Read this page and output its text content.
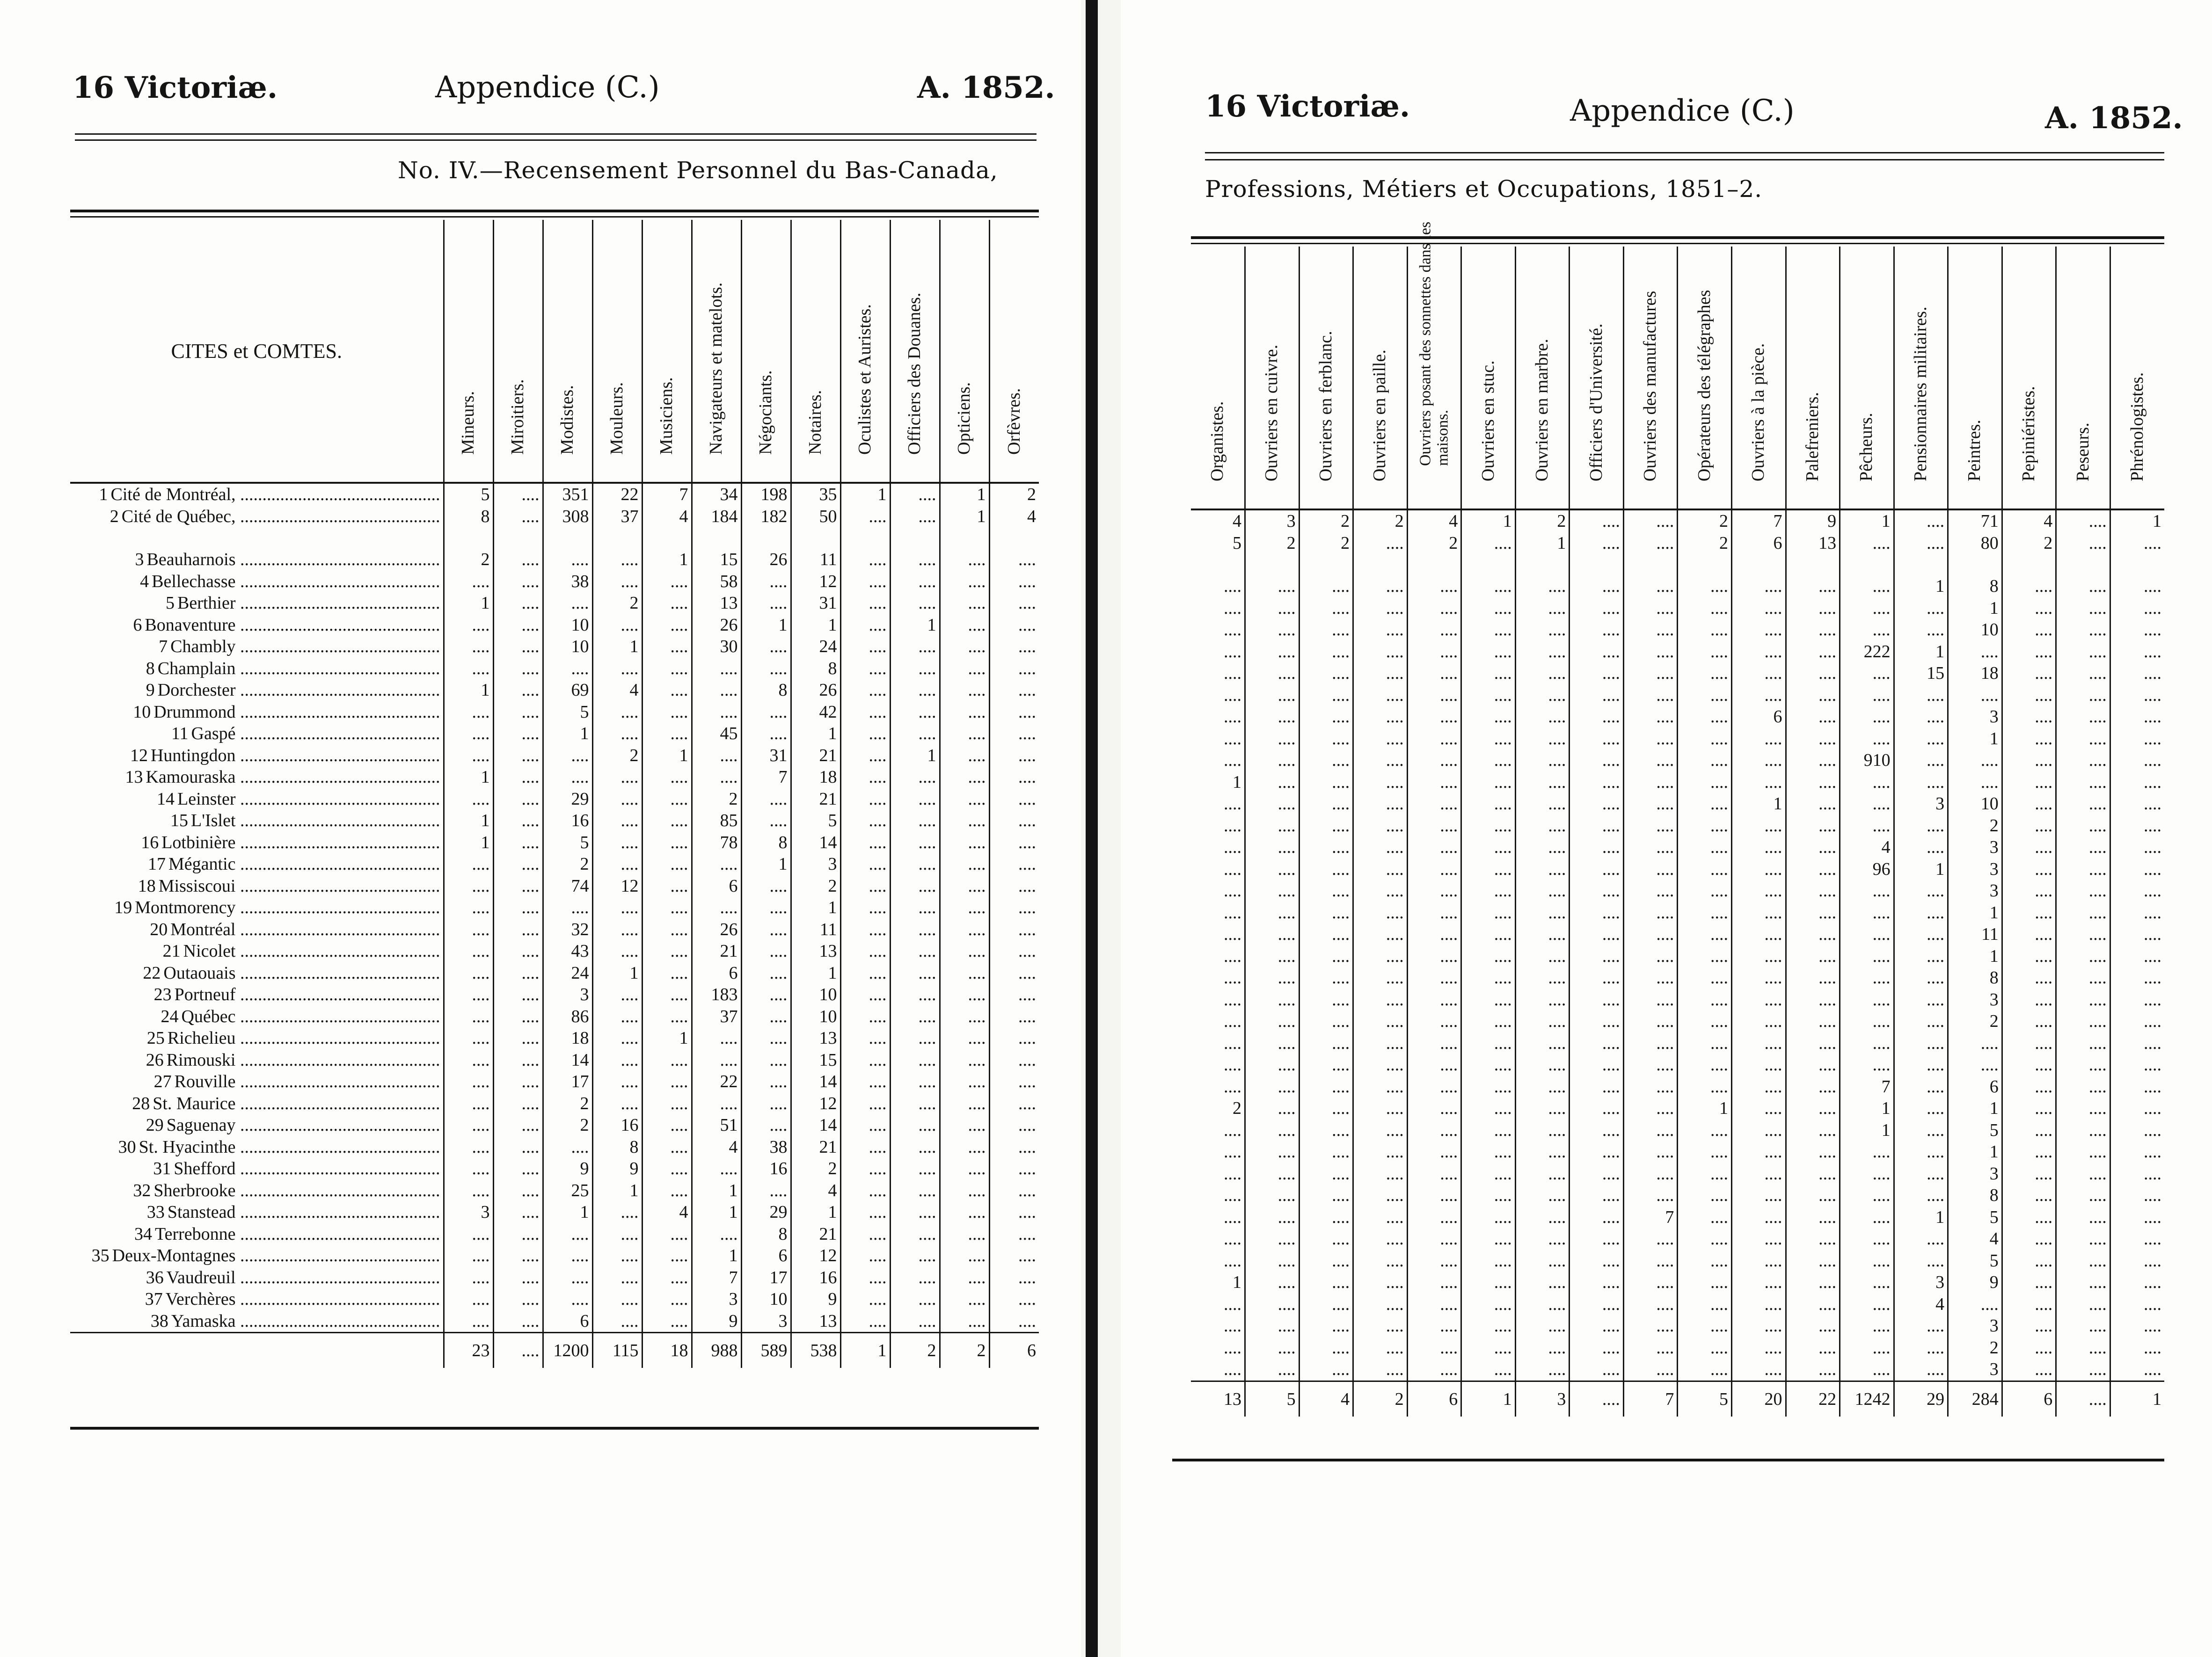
16 Victoriæ.	Appendice (C.)	A. 1852.
No. IV.—Recensement Personnel du Bas-Canada,
CITES et COMTES.	Mineurs.	Miroitiers.	Modistes.	Mouleurs.	Musiciens.	Navigateurs et matelots.	Négociants.	Notaires.	Oculistes et Auristes.	Officiers des Douanes.	Opticiens.	Orfèvres.

1 Cité de Montréal, .............................................	5	....	351	22	7	34	198	35	1	....	1	2
2 Cité de Québec, .............................................	8	....	308	37	4	184	182	50	....	....	1	4

3 Beauharnois .............................................	2	....	....	....	1	15	26	11	....	....	....	....
4 Bellechasse .............................................	....	....	38	....	....	58	....	12	....	....	....	....
5 Berthier .............................................	1	....	....	2	....	13	....	31	....	....	....	....
6 Bonaventure .............................................	....	....	10	....	....	26	1	1	....	1	....	....
7 Chambly .............................................	....	....	10	1	....	30	....	24	....	....	....	....
8 Champlain .............................................	....	....	....	....	....	....	....	8	....	....	....	....
9 Dorchester .............................................	1	....	69	4	....	....	8	26	....	....	....	....
10 Drummond .............................................	....	....	5	....	....	....	....	42	....	....	....	....
11 Gaspé .............................................	....	....	1	....	....	45	....	1	....	....	....	....
12 Huntingdon .............................................	....	....	....	2	1	....	31	21	....	1	....	....
13 Kamouraska .............................................	1	....	....	....	....	....	7	18	....	....	....	....
14 Leinster .............................................	....	....	29	....	....	2	....	21	....	....	....	....
15 L'Islet .............................................	1	....	16	....	....	85	....	5	....	....	....	....
16 Lotbinière .............................................	1	....	5	....	....	78	8	14	....	....	....	....
17 Mégantic .............................................	....	....	2	....	....	....	1	3	....	....	....	....
18 Missiscoui .............................................	....	....	74	12	....	6	....	2	....	....	....	....
19 Montmorency .............................................	....	....	....	....	....	....	....	1	....	....	....	....
20 Montréal .............................................	....	....	32	....	....	26	....	11	....	....	....	....
21 Nicolet .............................................	....	....	43	....	....	21	....	13	....	....	....	....
22 Outaouais .............................................	....	....	24	1	....	6	....	1	....	....	....	....
23 Portneuf .............................................	....	....	3	....	....	183	....	10	....	....	....	....
24 Québec .............................................	....	....	86	....	....	37	....	10	....	....	....	....
25 Richelieu .............................................	....	....	18	....	1	....	....	13	....	....	....	....
26 Rimouski .............................................	....	....	14	....	....	....	....	15	....	....	....	....
27 Rouville .............................................	....	....	17	....	....	22	....	14	....	....	....	....
28 St. Maurice .............................................	....	....	2	....	....	....	....	12	....	....	....	....
29 Saguenay .............................................	....	....	2	16	....	51	....	14	....	....	....	....
30 St. Hyacinthe .............................................	....	....	....	8	....	4	38	21	....	....	....	....
31 Shefford .............................................	....	....	9	9	....	....	16	2	....	....	....	....
32 Sherbrooke .............................................	....	....	25	1	....	1	....	4	....	....	....	....
33 Stanstead .............................................	3	....	1	....	4	1	29	1	....	....	....	....
34 Terrebonne .............................................	....	....	....	....	....	....	8	21	....	....	....	....
35 Deux-Montagnes .............................................	....	....	....	....	....	1	6	12	....	....	....	....
36 Vaudreuil .............................................	....	....	....	....	....	7	17	16	....	....	....	....
37 Verchères .............................................	....	....	....	....	....	3	10	9	....	....	....	....
38 Yamaska .............................................	....	....	6	....	....	9	3	13	....	....	....	....
	23	....	1200	115	18	988	589	538	1	2	2	6
16 Victoriæ.	Appendice (C.)	A. 1852.
Professions, Métiers et Occupations, 1851–2.
Organistes.	Ouvriers en cuivre.	Ouvriers en ferblanc.	Ouvriers en paille.	Ouvriers posant des sonnettes dans les maisons.	Ouvriers en stuc.	Ouvriers en marbre.	Officiers d'Université.	Ouvriers des manufactures	Opérateurs des télégraphes	Ouvriers à la pièce.	Palefreniers.	Pêcheurs.	Pensionnaires militaires.	Peintres.	Pepiniéristes.	Peseurs.	Phrénologistes.

4	3	2	2	4	1	2	....	....	2	7	9	1	....	71	4	....	1
5	2	2	....	2	....	1	....	....	2	6	13	....	....	80	2	....	....

....	....	....	....	....	....	....	....	....	....	....	....	....	1	8	....	....	....
....	....	....	....	....	....	....	....	....	....	....	....	....	....	1	....	....	....
....	....	....	....	....	....	....	....	....	....	....	....	....	....	10	....	....	....
....	....	....	....	....	....	....	....	....	....	....	....	222	1	....	....	....	....
....	....	....	....	....	....	....	....	....	....	....	....	....	15	18	....	....	....
....	....	....	....	....	....	....	....	....	....	....	....	....	....	....	....	....	....
....	....	....	....	....	....	....	....	....	....	6	....	....	....	3	....	....	....
....	....	....	....	....	....	....	....	....	....	....	....	....	....	1	....	....	....
....	....	....	....	....	....	....	....	....	....	....	....	910	....	....	....	....	....
1	....	....	....	....	....	....	....	....	....	....	....	....	....	....	....	....	....
....	....	....	....	....	....	....	....	....	....	1	....	....	3	10	....	....	....
....	....	....	....	....	....	....	....	....	....	....	....	....	....	2	....	....	....
....	....	....	....	....	....	....	....	....	....	....	....	4	....	3	....	....	....
....	....	....	....	....	....	....	....	....	....	....	....	96	1	3	....	....	....
....	....	....	....	....	....	....	....	....	....	....	....	....	....	3	....	....	....
....	....	....	....	....	....	....	....	....	....	....	....	....	....	1	....	....	....
....	....	....	....	....	....	....	....	....	....	....	....	....	....	11	....	....	....
....	....	....	....	....	....	....	....	....	....	....	....	....	....	1	....	....	....
....	....	....	....	....	....	....	....	....	....	....	....	....	....	8	....	....	....
....	....	....	....	....	....	....	....	....	....	....	....	....	....	3	....	....	....
....	....	....	....	....	....	....	....	....	....	....	....	....	....	2	....	....	....
....	....	....	....	....	....	....	....	....	....	....	....	....	....	....	....	....	....
....	....	....	....	....	....	....	....	....	....	....	....	....	....	....	....	....	....
....	....	....	....	....	....	....	....	....	....	....	....	7	....	6	....	....	....
2	....	....	....	....	....	....	....	....	1	....	....	1	....	1	....	....	....
....	....	....	....	....	....	....	....	....	....	....	....	1	....	5	....	....	....
....	....	....	....	....	....	....	....	....	....	....	....	....	....	1	....	....	....
....	....	....	....	....	....	....	....	....	....	....	....	....	....	3	....	....	....
....	....	....	....	....	....	....	....	....	....	....	....	....	....	8	....	....	....
....	....	....	....	....	....	....	....	7	....	....	....	....	1	5	....	....	....
....	....	....	....	....	....	....	....	....	....	....	....	....	....	4	....	....	....
....	....	....	....	....	....	....	....	....	....	....	....	....	....	5	....	....	....
1	....	....	....	....	....	....	....	....	....	....	....	....	3	9	....	....	....
....	....	....	....	....	....	....	....	....	....	....	....	....	4	....	....	....	....
....	....	....	....	....	....	....	....	....	....	....	....	....	....	3	....	....	....
....	....	....	....	....	....	....	....	....	....	....	....	....	....	2	....	....	....
....	....	....	....	....	....	....	....	....	....	....	....	....	....	3	....	....	....
13	5	4	2	6	1	3	....	7	5	20	22	1242	29	284	6	....	1
